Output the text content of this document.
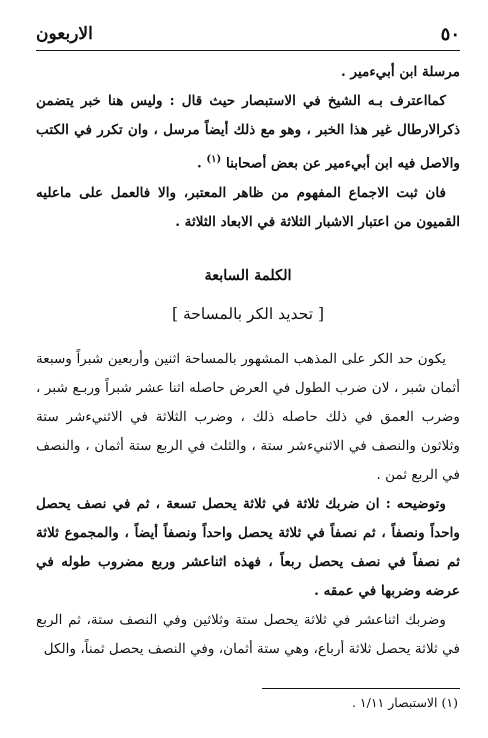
٥٠
الاربعون

مرسلة ابن أبيءمير .

كمااعترف بـه الشيخ في الاستبصار حيث قال : وليس هنا خبر يتضمن ذكرالارطال غير هذا الخبر ، وهو مع ذلك أيضاً مرسل ، وان تكرر في الكتب والاصل فيه ابن أبيءمير عن بعض أصحابنا $^{(١)}$ .

فان ثبت الاجماع المفهوم من ظاهر المعتبر، والا فالعمل على ماعليه القميون من اعتبار الاشبار الثلاثة في الابعاد الثلاثة .

الكلمة السابعة

[ تحديد الكر بالمساحة ]

يكون حد الكر على المذهب المشهور بالمساحة اثنين وأربعين شبراً وسبعة أثمان شبر ، لان ضرب الطول في العرض حاصله اثنا عشر شبراً وربـع شبر ، وضرب العمق في ذلك حاصله ذلك ، وضرب الثلاثة في الاثنيءشر ستة وثلاثون والنصف في الاثنيءشر ستة ، والثلث في الربع ستة أثمان ، والنصف في الربع ثمن .

وتوضيحه : ان ضربك ثلاثة في ثلاثة يحصل تسعة ، ثم في نصف يحصل واحداً ونصفاً ، ثم نصفاً في ثلاثة يحصل واحداً ونصفاً أيضاً ، والمجموع ثلاثة ثم نصفاً في نصف يحصل ربعاً ، فهذه اثناعشر وربع مضروب طوله في عرضه وضربها في عمقه .

وضربك اثناعشر في ثلاثة يحصل ستة وثلاثين وفي النصف ستة، ثم الربع في ثلاثة يحصل ثلاثة أرباع، وهي ستة أثمان، وفي النصف يحصل ثمناً، والكل

(١) الاستبصار ١/١١ .
